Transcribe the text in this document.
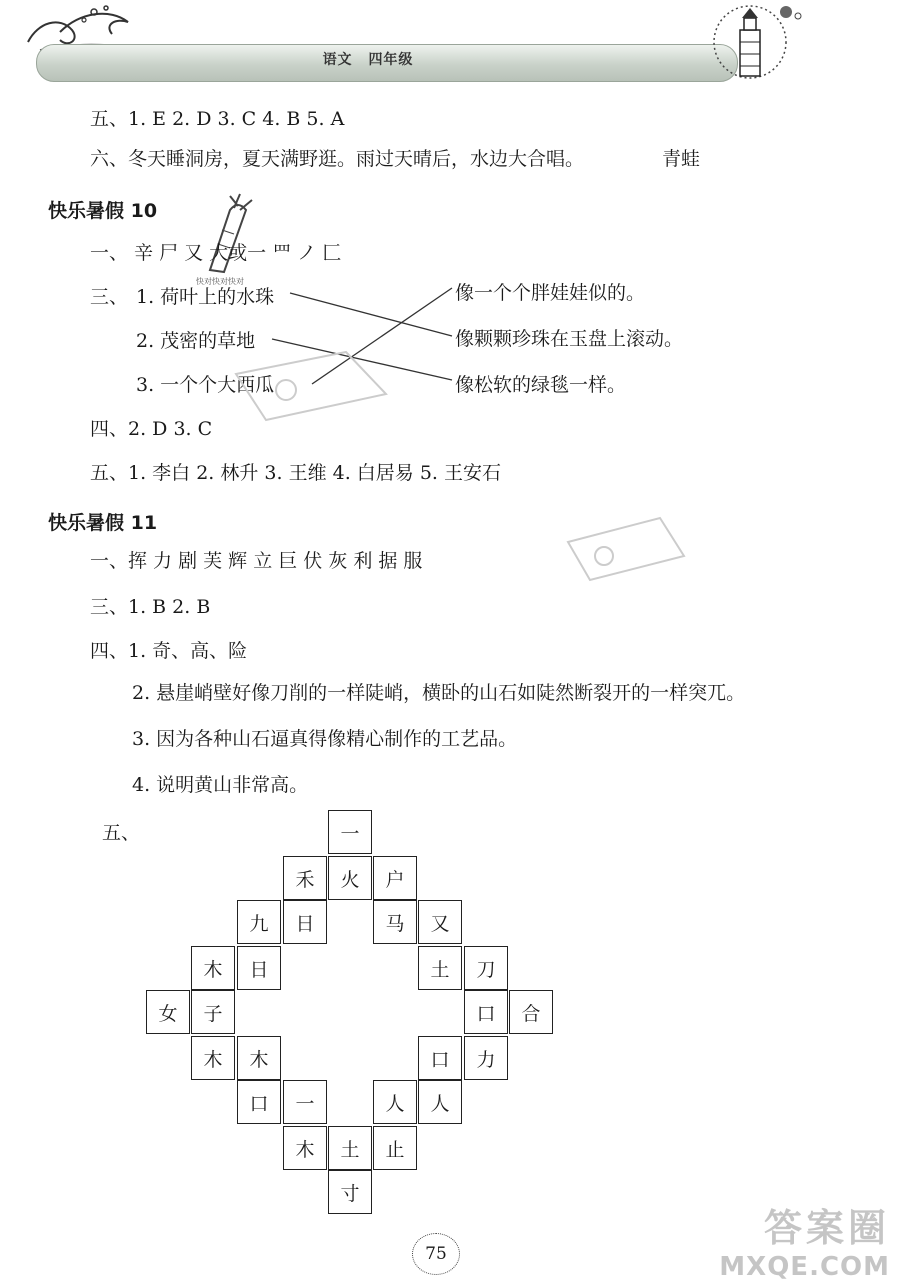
语文 四年级
五、1. E 2. D 3. C 4. B 5. A
六、冬天睡洞房，夏天满野逛。雨过天晴后，水边大合唱。	青蛙
快乐暑假 10
一、 辛 尸 又 大或一 罒 ノ 匚
快对快对快对
三、 1. 荷叶上的水珠
2. 茂密的草地
3. 一个个大西瓜
像一个个胖娃娃似的。
像颗颗珍珠在玉盘上滚动。
像松软的绿毯一样。
四、2. D 3. C
五、1. 李白 2. 林升 3. 王维 4. 白居易 5. 王安石
快乐暑假 11
一、挥 力 剧 芙 辉 立 巨 伏 灰 利 据 服
三、1. B 2. B
四、1. 奇、高、险
2. 悬崖峭壁好像刀削的一样陡峭，横卧的山石如陡然断裂开的一样突兀。
3. 因为各种山石逼真得像精心制作的工艺品。
4. 说明黄山非常高。
五、	一
禾	火	户
九	日	马	又
木	日	土	刀
女	子	口	合
木	木	口	力
口	一	人	人
木	土	止
寸
75
答案圈
MXQE.COM
